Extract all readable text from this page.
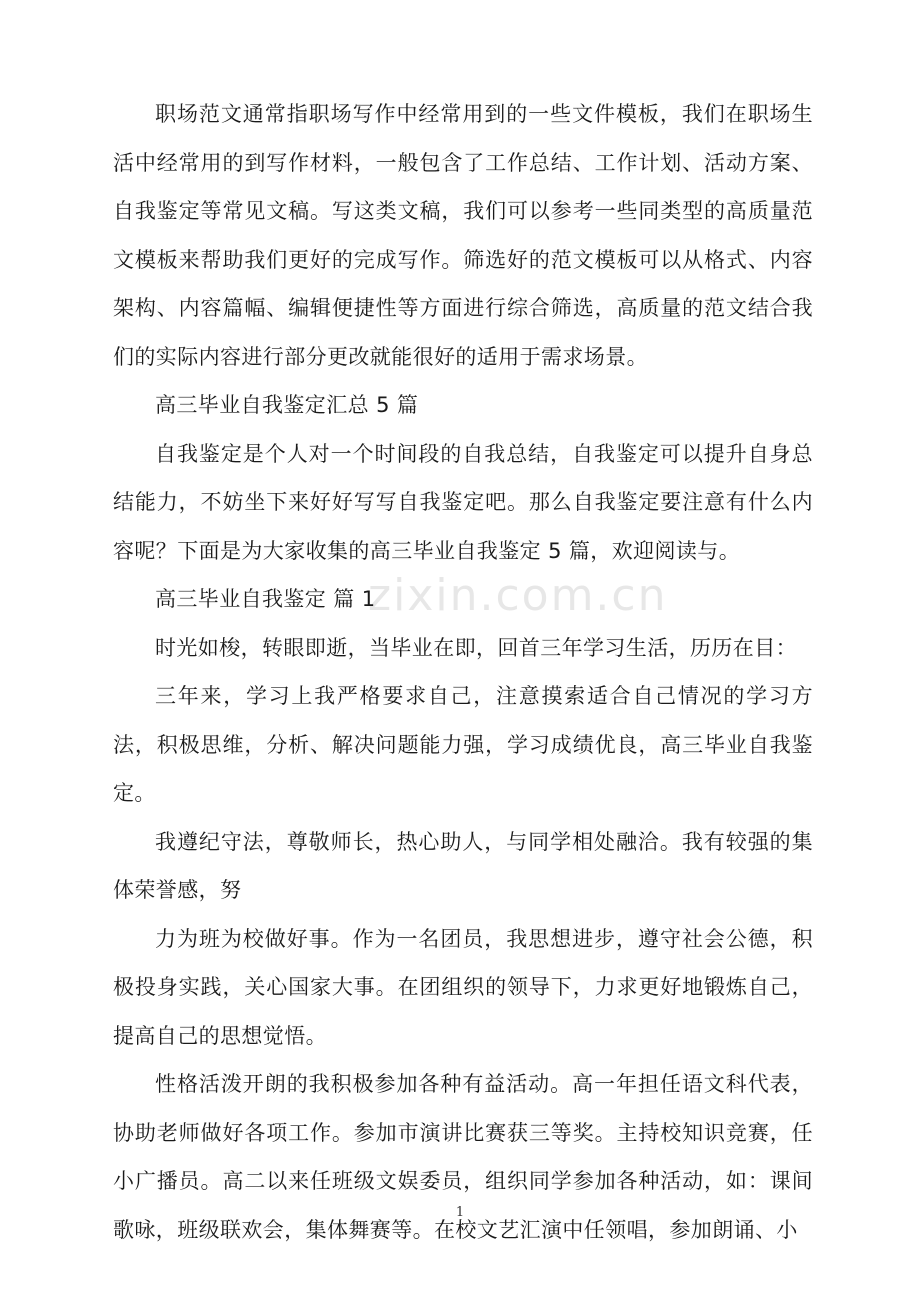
zixin.com.cn

职场范文通常指职场写作中经常用到的一些文件模板，我们在职场生活中经常用的到写作材料，一般包含了工作总结、工作计划、活动方案、自我鉴定等常见文稿。写这类文稿，我们可以参考一些同类型的高质量范文模板来帮助我们更好的完成写作。筛选好的范文模板可以从格式、内容架构、内容篇幅、编辑便捷性等方面进行综合筛选，高质量的范文结合我们的实际内容进行部分更改就能很好的适用于需求场景。

高三毕业自我鉴定汇总 5 篇

自我鉴定是个人对一个时间段的自我总结，自我鉴定可以提升自身总结能力，不妨坐下来好好写写自我鉴定吧。那么自我鉴定要注意有什么内容呢？下面是为大家收集的高三毕业自我鉴定 5 篇，欢迎阅读与。

高三毕业自我鉴定 篇 1

时光如梭，转眼即逝，当毕业在即，回首三年学习生活，历历在目：

三年来，学习上我严格要求自己，注意摸索适合自己情况的学习方法，积极思维，分析、解决问题能力强，学习成绩优良，高三毕业自我鉴定。

我遵纪守法，尊敬师长，热心助人，与同学相处融洽。我有较强的集体荣誉感，努

力为班为校做好事。作为一名团员，我思想进步，遵守社会公德，积极投身实践，关心国家大事。在团组织的领导下，力求更好地锻炼自己，提高自己的思想觉悟。

性格活泼开朗的我积极参加各种有益活动。高一年担任语文科代表，协助老师做好各项工作。参加市演讲比赛获三等奖。主持校知识竞赛，任小广播员。高二以来任班级文娱委员，组织同学参加各种活动，如：课间歌咏，班级联欢会，集体舞赛等。在校文艺汇演中任领唱，参加朗诵、小

1
